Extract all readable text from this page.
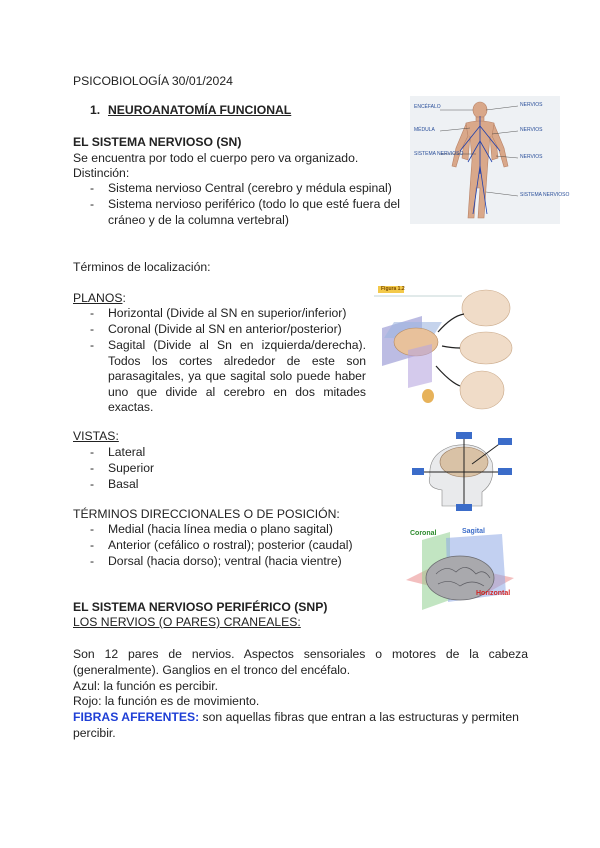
PSICOBIOLOGÍA 30/01/2024
1. NEUROANATOMÍA FUNCIONAL
EL SISTEMA NERVIOSO (SN)
Se encuentra por todo el cuerpo pero va organizado.
Distinción:
- Sistema nervioso Central (cerebro y médula espinal)
- Sistema nervioso periférico (todo lo que esté fuera del cráneo y de la columna vertebral)
ENCÉFALO
MÉDULA
SISTEMA NERVIOSO
NERVIOS
NERVIOS
NERVIOS
SISTEMA NERVIOSO
Términos de localización:
PLANOS:
- Horizontal (Divide al SN en superior/inferior)
- Coronal (Divide al SN en anterior/posterior)
- Sagital (Divide al Sn en izquierda/derecha). Todos los cortes alrededor de este son parasagitales, ya que sagital solo puede haber uno que divide al cerebro en dos mitades exactas.
Figura 1.2
VISTAS:
- Lateral
- Superior
- Basal
TÉRMINOS DIRECCIONALES O DE POSICIÓN:
- Medial (hacia línea media o plano sagital)
- Anterior (cefálico o rostral); posterior (caudal)
- Dorsal (hacia dorso); ventral (hacia vientre)
Coronal	Sagital
Horizontal
EL SISTEMA NERVIOSO PERIFÉRICO (SNP)
LOS NERVIOS (O PARES) CRANEALES:
Son 12 pares de nervios. Aspectos sensoriales o motores de la cabeza (generalmente). Ganglios en el tronco del encéfalo.
Azul: la función es percibir.
Rojo: la función es de movimiento.
FIBRAS AFERENTES: son aquellas fibras que entran a las estructuras y permiten percibir.
